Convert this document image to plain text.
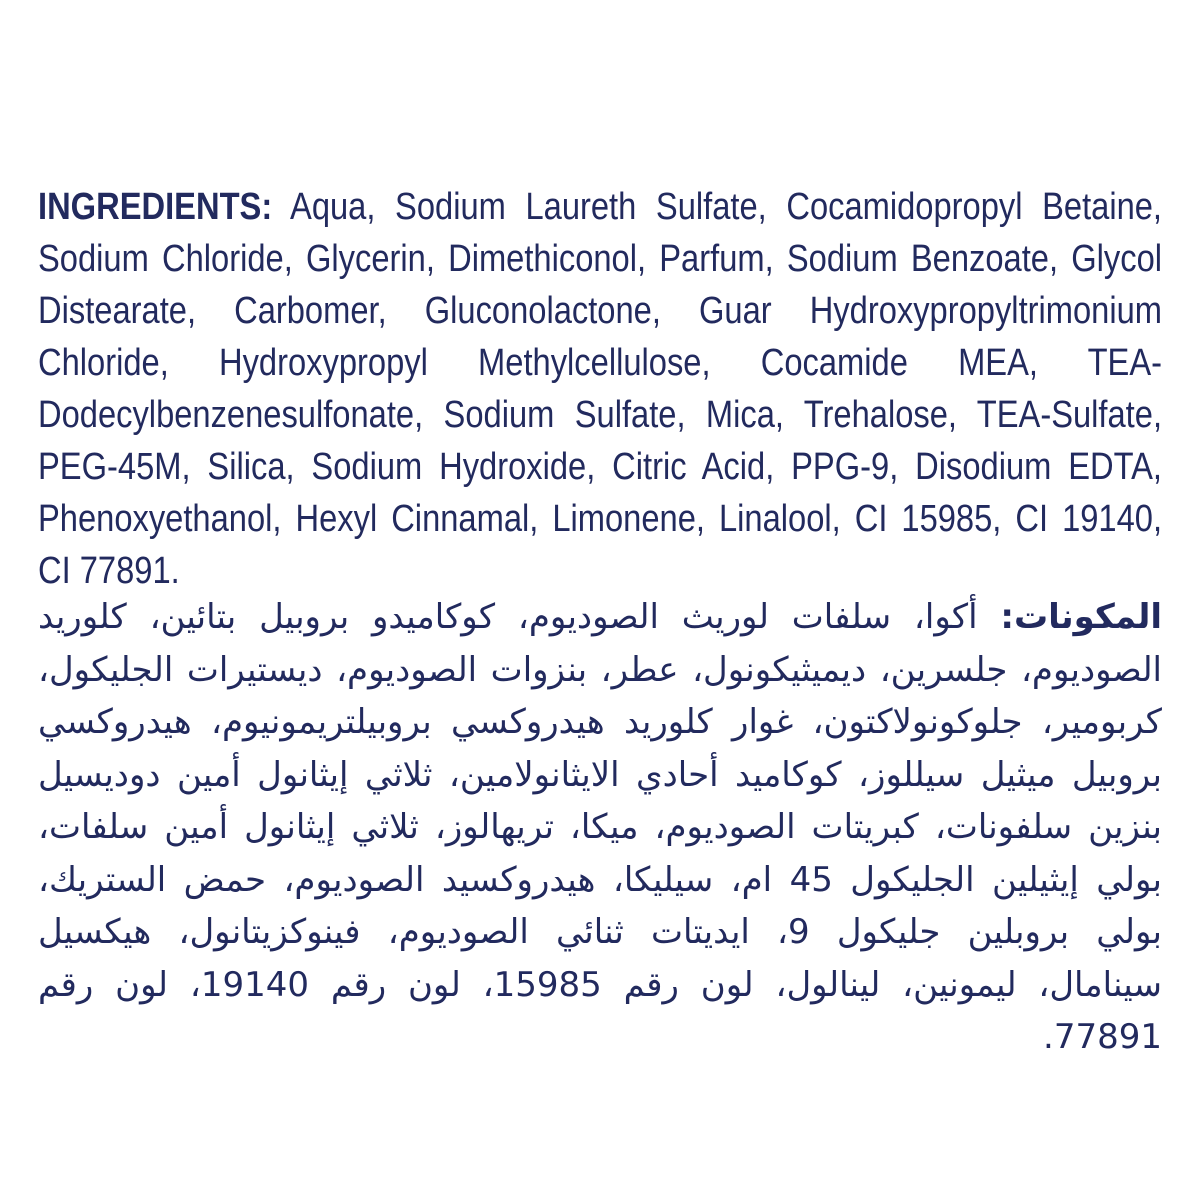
INGREDIENTS: Aqua, Sodium Laureth Sulfate, Cocamidopropyl Betaine, Sodium Chloride, Glycerin, Dimethiconol, Parfum, Sodium Benzoate, Glycol Distearate, Carbomer, Gluconolactone, Guar Hydroxypropyltrimonium Chloride, Hydroxypropyl Methylcellulose, Cocamide MEA, TEA-Dodecylbenzenesulfonate, Sodium Sulfate, Mica, Trehalose, TEA-Sulfate, PEG-45M, Silica, Sodium Hydroxide, Citric Acid, PPG-9, Disodium EDTA, Phenoxyethanol, Hexyl Cinnamal, Limonene, Linalool, CI 15985, CI 19140, CI 77891.
المكونات: أكوا، سلفات لوريث الصوديوم، كوكاميدو بروبيل بتائين، كلوريد الصوديوم، جلسرين، ديميثيكونول، عطر، بنزوات الصوديوم، ديستيرات الجليكول، كربومير، جلوكونولاكتون، غوار كلوريد هيدروكسي بروبيلتريمونيوم، هيدروكسي بروبيل ميثيل سيللوز، كوكاميد أحادي الايثانولامين، ثلاثي إيثانول أمين دوديسيل بنزين سلفونات، كبريتات الصوديوم، ميكا، تريهالوز، ثلاثي إيثانول أمين سلفات، بولي إيثيلين الجليكول 45 ام، سيليكا، هيدروكسيد الصوديوم، حمض الستريك، بولي بروبلين جليكول 9، ايديتات ثنائي الصوديوم، فينوكزيتانول، هيكسيل سينامال، ليمونين، لينالول، لون رقم 15985، لون رقم 19140، لون رقم 77891.
